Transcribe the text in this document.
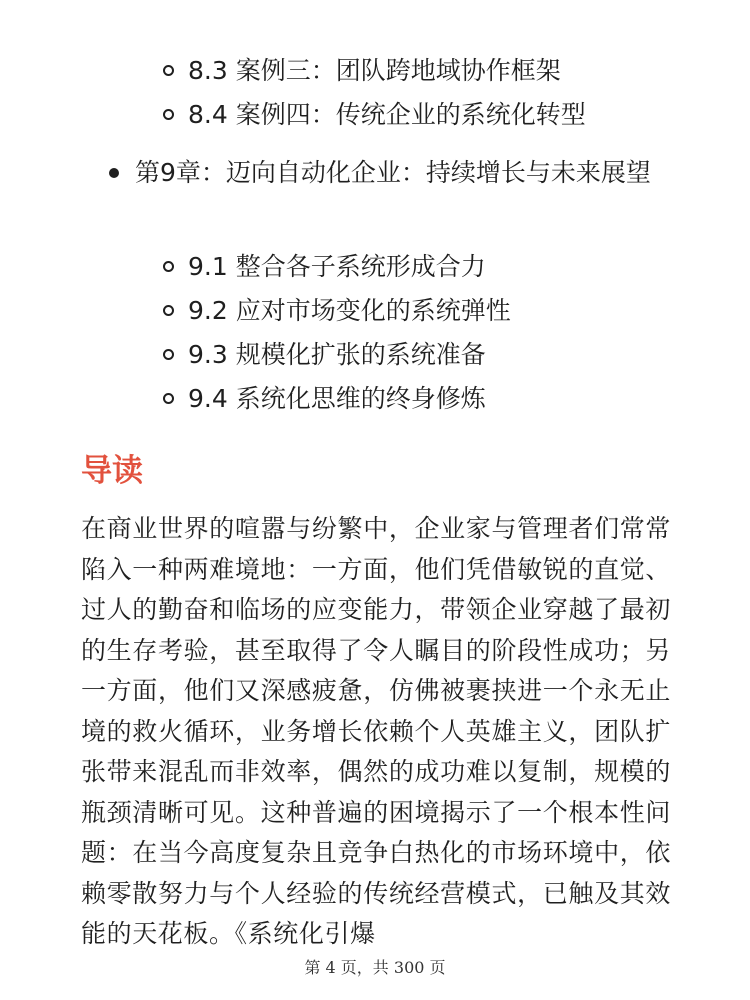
8.3 案例三：团队跨地域协作框架
8.4 案例四：传统企业的系统化转型
第9章：迈向自动化企业：持续增长与未来展望
9.1 整合各子系统形成合力
9.2 应对市场变化的系统弹性
9.3 规模化扩张的系统准备
9.4 系统化思维的终身修炼
导读

在商业世界的喧嚣与纷繁中，企业家与管理者们常常陷入一种两难境地：一方面，他们凭借敏锐的直觉、过人的勤奋和临场的应变能力，带领企业穿越了最初的生存考验，甚至取得了令人瞩目的阶段性成功；另一方面，他们又深感疲惫，仿佛被裹挟进一个永无止境的救火循环，业务增长依赖个人英雄主义，团队扩张带来混乱而非效率，偶然的成功难以复制，规模的瓶颈清晰可见。这种普遍的困境揭示了一个根本性问题：在当今高度复杂且竞争白热化的市场环境中，依赖零散努力与个人经验的传统经营模式，已触及其效能的天花板。《系统化引爆

第 4 页，共 300 页
